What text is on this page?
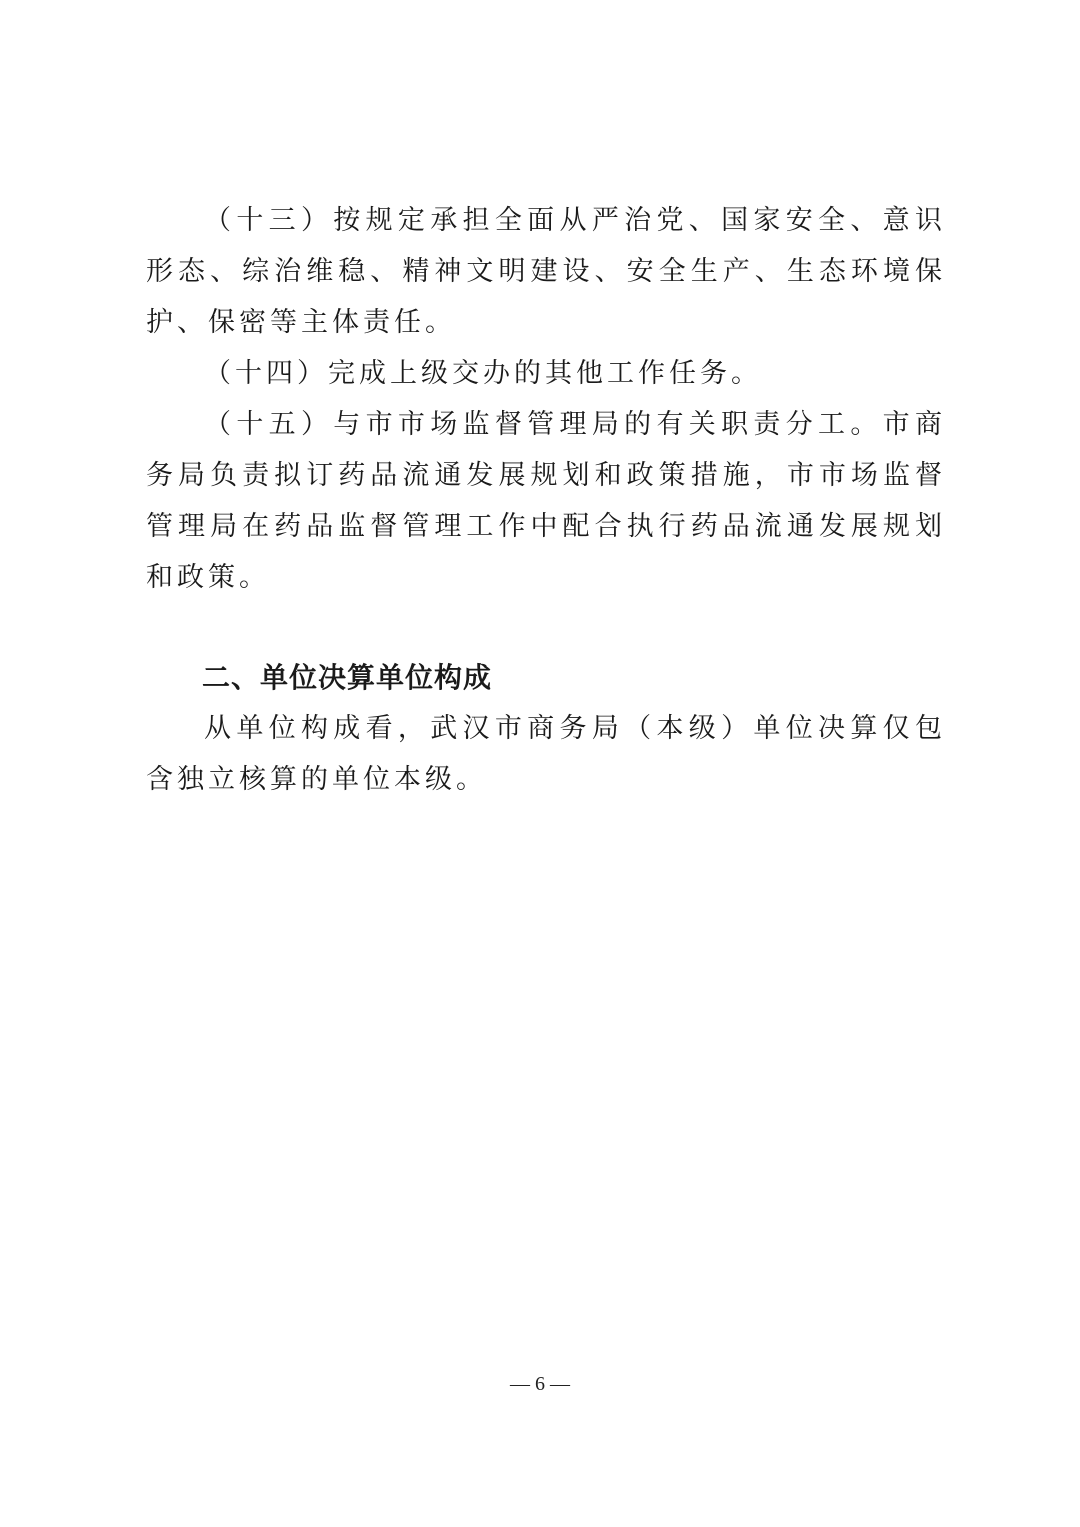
（十三）按规定承担全面从严治党、国家安全、意识形态、综治维稳、精神文明建设、安全生产、生态环境保护、保密等主体责任。

（十四）完成上级交办的其他工作任务。

（十五）与市市场监督管理局的有关职责分工。市商务局负责拟订药品流通发展规划和政策措施，市市场监督管理局在药品监督管理工作中配合执行药品流通发展规划和政策。

二、单位决算单位构成

从单位构成看，武汉市商务局（本级）单位决算仅包含独立核算的单位本级。

— 6 —
